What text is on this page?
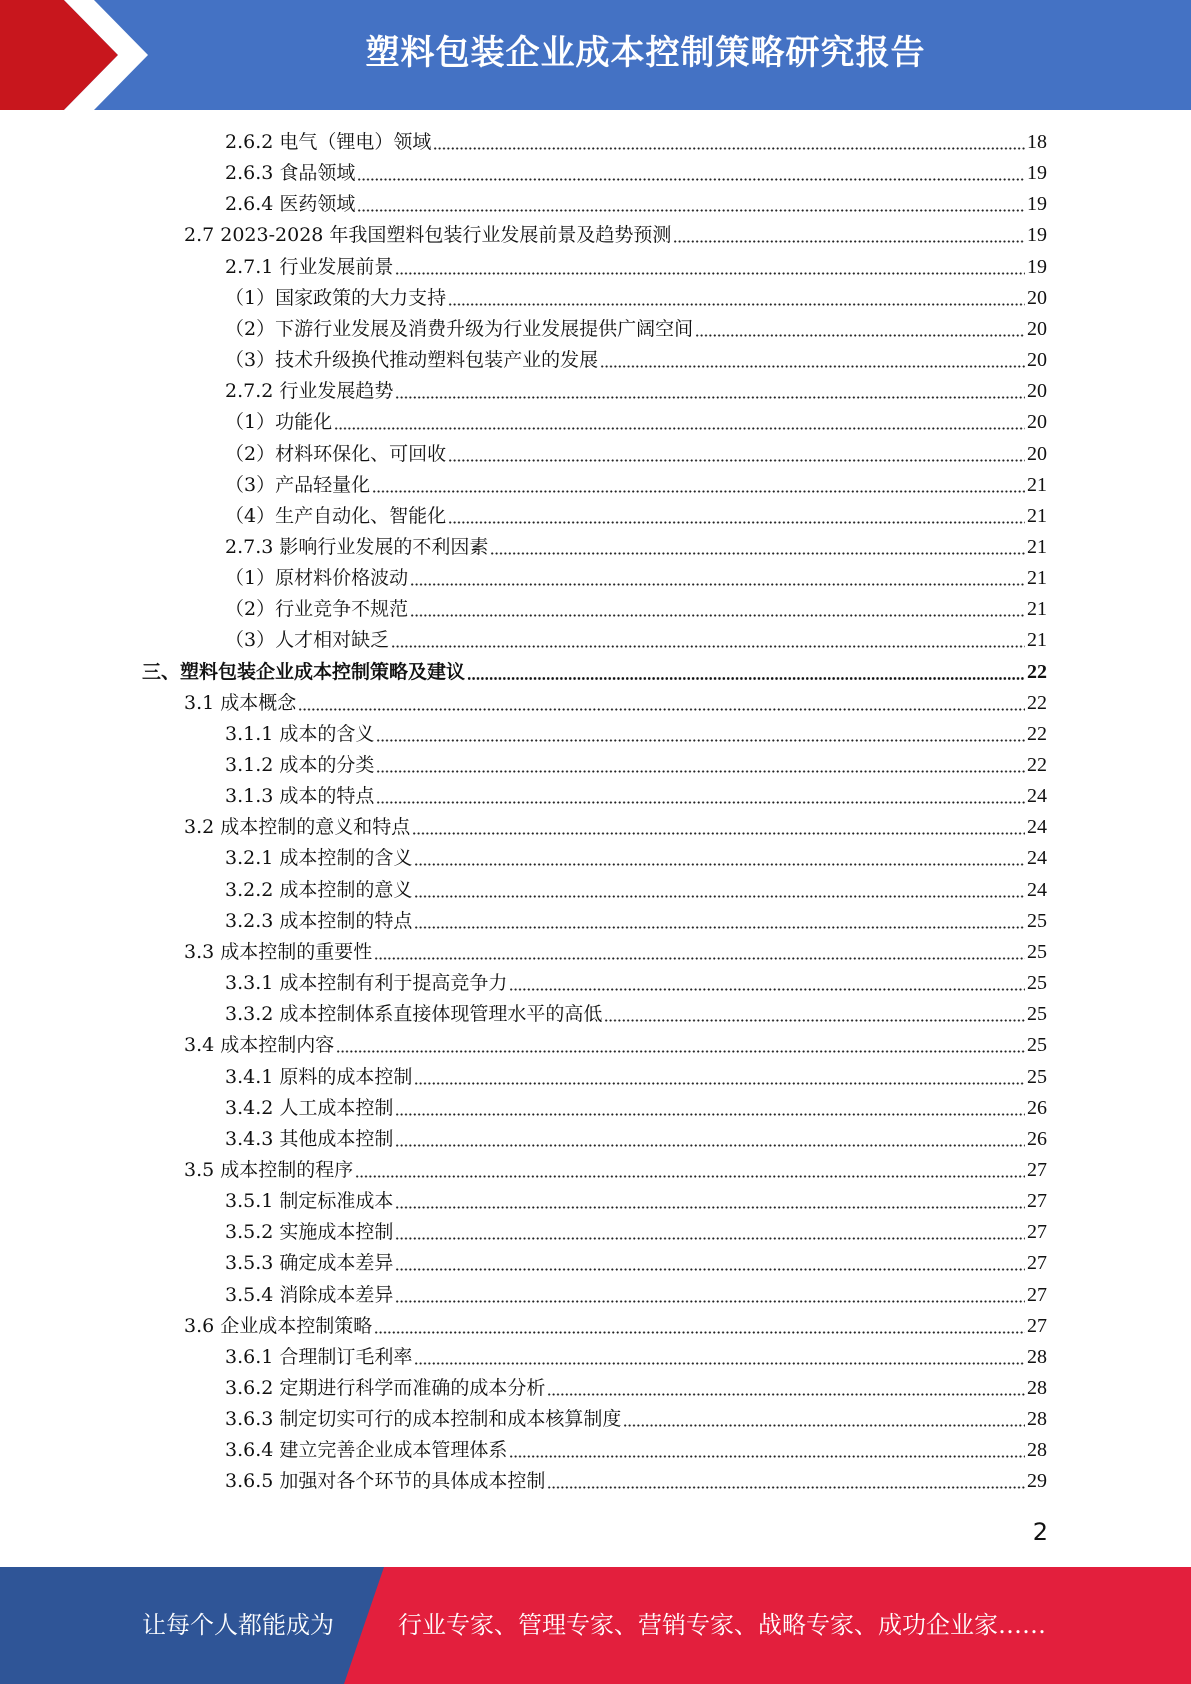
塑料包装企业成本控制策略研究报告
2.6.2 电气（锂电）领域	18
2.6.3 食品领域	19
2.6.4 医药领域	19
2.7 2023-2028 年我国塑料包装行业发展前景及趋势预测	19
2.7.1 行业发展前景	19
（1）国家政策的大力支持	20
（2）下游行业发展及消费升级为行业发展提供广阔空间	20
（3）技术升级换代推动塑料包装产业的发展	20
2.7.2 行业发展趋势	20
（1）功能化	20
（2）材料环保化、可回收	20
（3）产品轻量化	21
（4）生产自动化、智能化	21
2.7.3 影响行业发展的不利因素	21
（1）原材料价格波动	21
（2）行业竞争不规范	21
（3）人才相对缺乏	21
三、塑料包装企业成本控制策略及建议	22
3.1 成本概念	22
3.1.1 成本的含义	22
3.1.2 成本的分类	22
3.1.3 成本的特点	24
3.2 成本控制的意义和特点	24
3.2.1 成本控制的含义	24
3.2.2 成本控制的意义	24
3.2.3 成本控制的特点	25
3.3 成本控制的重要性	25
3.3.1 成本控制有利于提高竞争力	25
3.3.2 成本控制体系直接体现管理水平的高低	25
3.4 成本控制内容	25
3.4.1 原料的成本控制	25
3.4.2 人工成本控制	26
3.4.3 其他成本控制	26
3.5 成本控制的程序	27
3.5.1 制定标准成本	27
3.5.2 实施成本控制	27
3.5.3 确定成本差异	27
3.5.4 消除成本差异	27
3.6 企业成本控制策略	27
3.6.1 合理制订毛利率	28
3.6.2 定期进行科学而准确的成本分析	28
3.6.3 制定切实可行的成本控制和成本核算制度	28
3.6.4 建立完善企业成本管理体系	28
3.6.5 加强对各个环节的具体成本控制	29
2
让每个人都能成为	行业专家、管理专家、营销专家、战略专家、成功企业家……
